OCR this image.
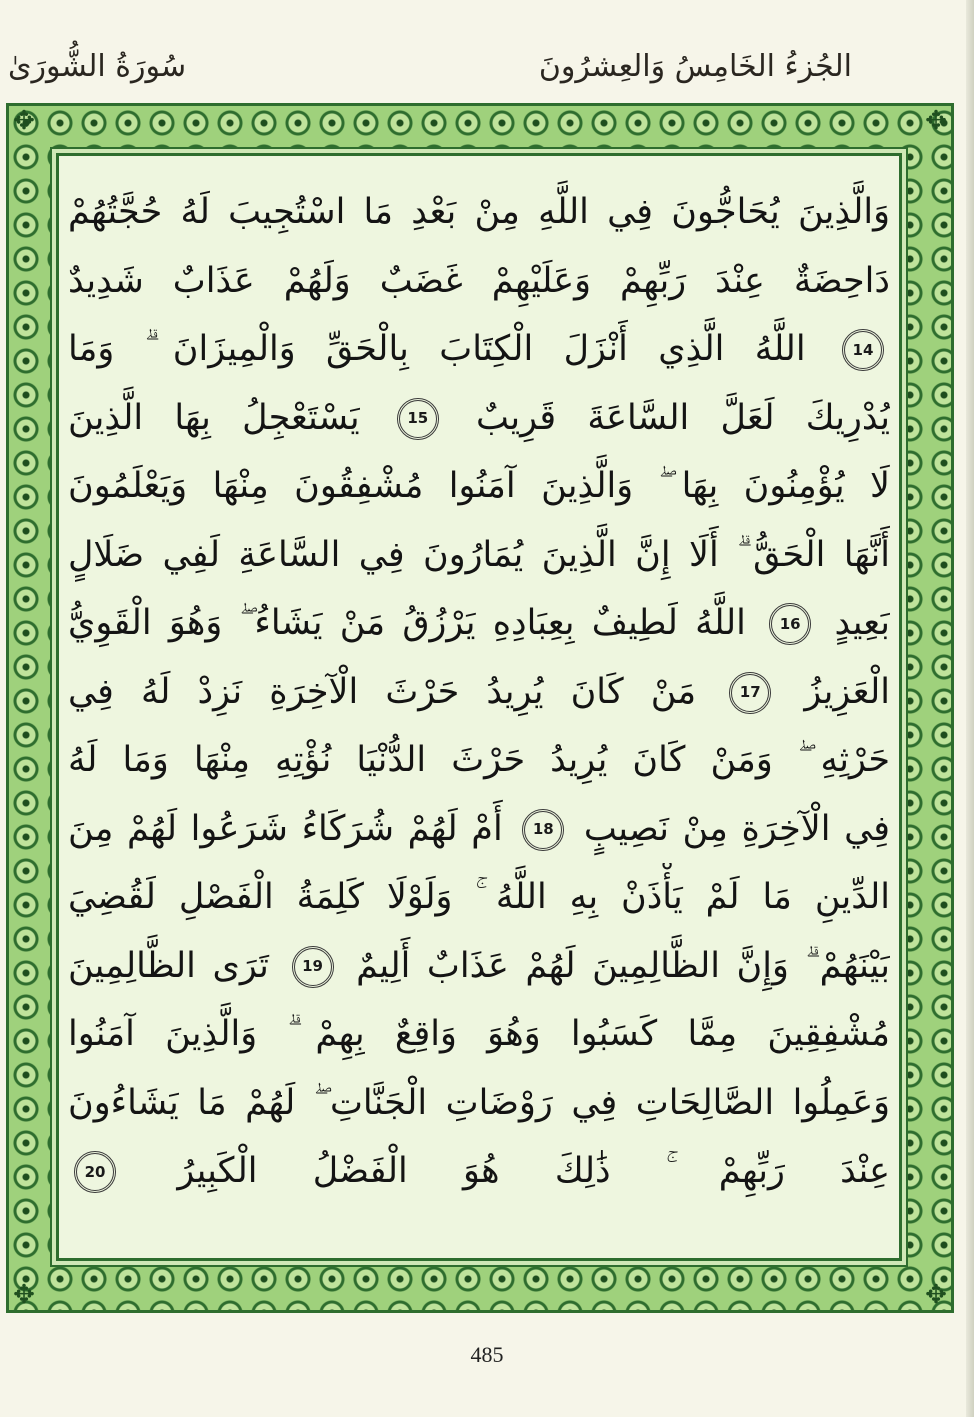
سُورَةُ الشُّورَىٰ	الجُزءُ الخَامِسُ وَالعِشرُونَ
✥	✥
✥	✥
وَالَّذِينَ يُحَاجُّونَ فِي اللَّهِ مِنْ بَعْدِ مَا اسْتُجِيبَ لَهُ حُجَّتُهُمْ
دَاحِضَةٌ عِنْدَ رَبِّهِمْ وَعَلَيْهِمْ غَضَبٌ وَلَهُمْ عَذَابٌ شَدِيدٌ
14 اللَّهُ الَّذِي أَنْزَلَ الْكِتَابَ بِالْحَقِّ وَالْمِيزَانَ ۗ وَمَا
يُدْرِيكَ لَعَلَّ السَّاعَةَ قَرِيبٌ 15 يَسْتَعْجِلُ بِهَا الَّذِينَ
لَا يُؤْمِنُونَ بِهَا ۖ وَالَّذِينَ آمَنُوا مُشْفِقُونَ مِنْهَا وَيَعْلَمُونَ
أَنَّهَا الْحَقُّ ۗ أَلَا إِنَّ الَّذِينَ يُمَارُونَ فِي السَّاعَةِ لَفِي ضَلَالٍ
بَعِيدٍ 16 اللَّهُ لَطِيفٌ بِعِبَادِهِ يَرْزُقُ مَنْ يَشَاءُ ۖ وَهُوَ الْقَوِيُّ
الْعَزِيزُ 17 مَنْ كَانَ يُرِيدُ حَرْثَ الْآخِرَةِ نَزِدْ لَهُ فِي
حَرْثِهِ ۖ وَمَنْ كَانَ يُرِيدُ حَرْثَ الدُّنْيَا نُؤْتِهِ مِنْهَا وَمَا لَهُ
فِي الْآخِرَةِ مِنْ نَصِيبٍ 18 أَمْ لَهُمْ شُرَكَاءُ شَرَعُوا لَهُمْ مِنَ
الدِّينِ مَا لَمْ يَأْذَنْ بِهِ اللَّهُ ۚ وَلَوْلَا كَلِمَةُ الْفَصْلِ لَقُضِيَ
بَيْنَهُمْ ۗ وَإِنَّ الظَّالِمِينَ لَهُمْ عَذَابٌ أَلِيمٌ 19 تَرَى الظَّالِمِينَ
مُشْفِقِينَ مِمَّا كَسَبُوا وَهُوَ وَاقِعٌ بِهِمْ ۗ وَالَّذِينَ آمَنُوا
وَعَمِلُوا الصَّالِحَاتِ فِي رَوْضَاتِ الْجَنَّاتِ ۖ لَهُمْ مَا يَشَاءُونَ
عِنْدَ رَبِّهِمْ ۚ ذَٰلِكَ هُوَ الْفَضْلُ الْكَبِيرُ 20
485
